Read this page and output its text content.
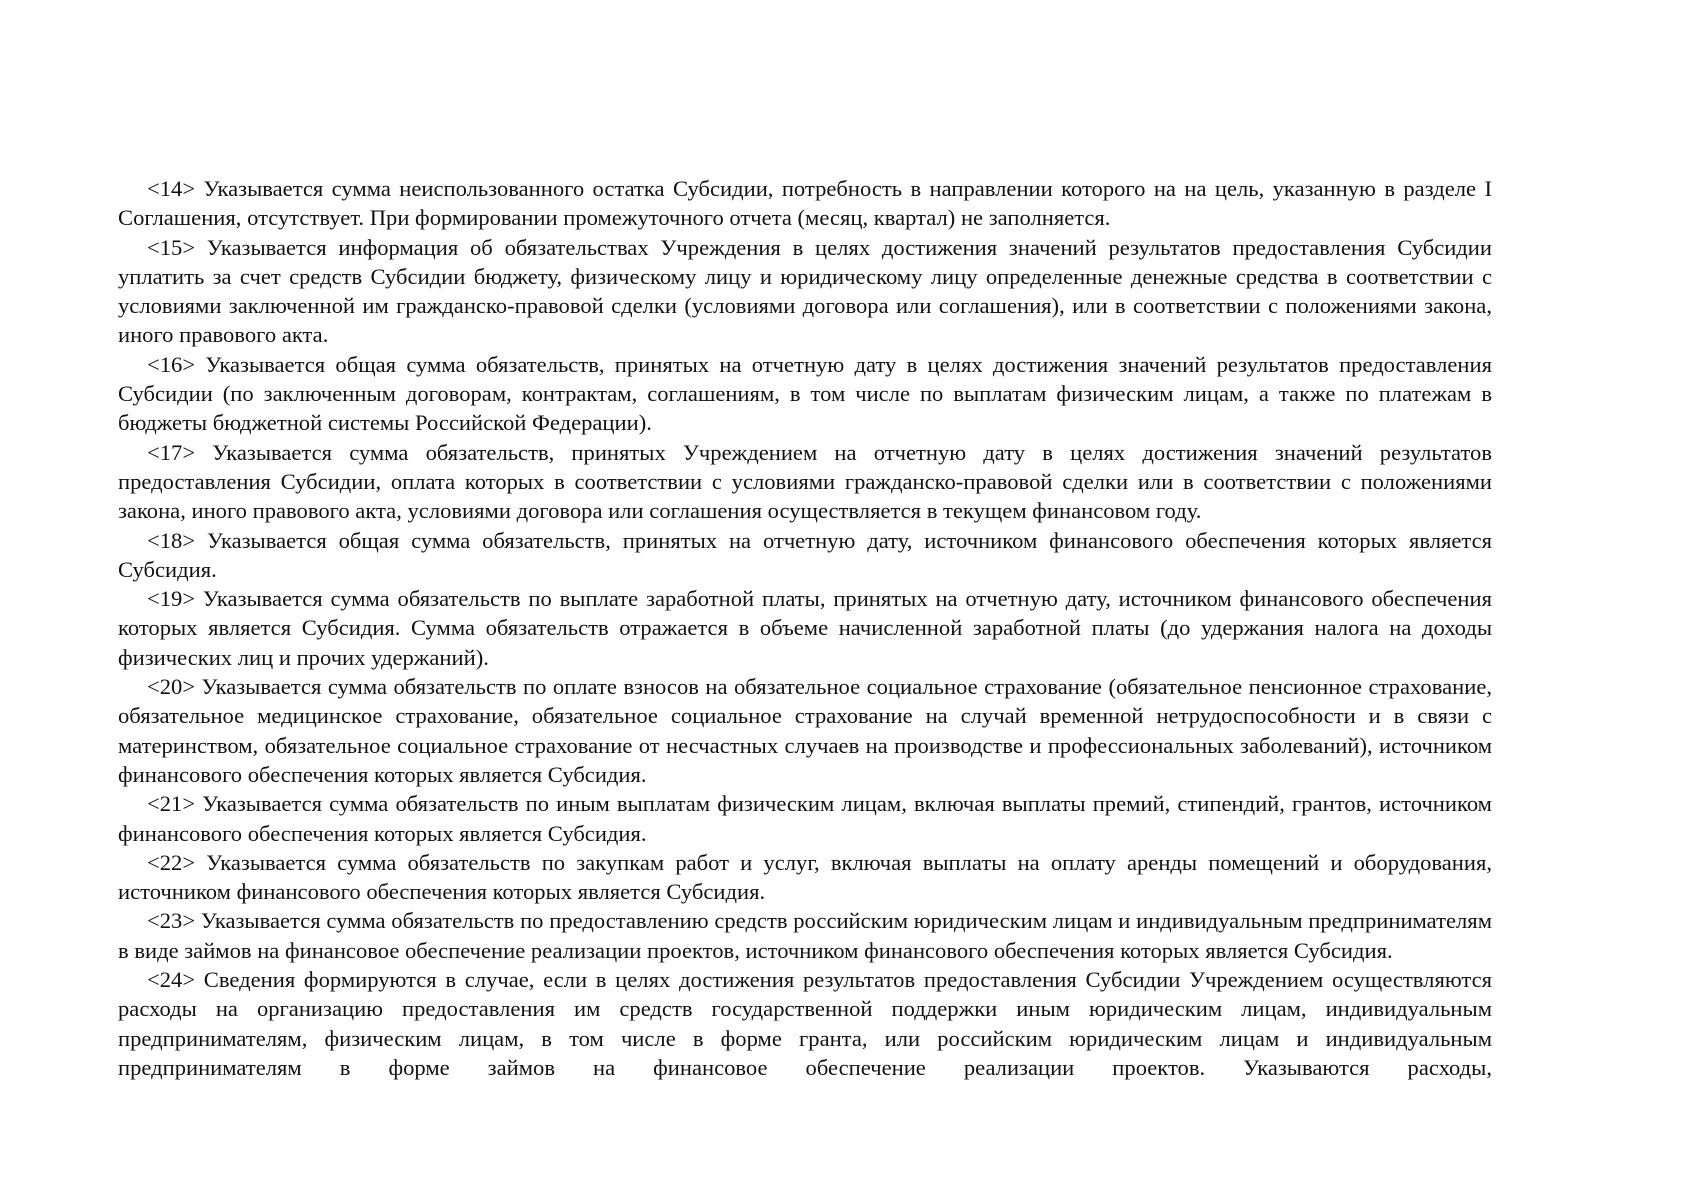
<14> Указывается сумма неиспользованного остатка Субсидии, потребность в направлении которого на на цель, указанную в разделе I Соглашения, отсутствует. При формировании промежуточного отчета (месяц, квартал) не заполняется.

<15> Указывается информация об обязательствах Учреждения в целях достижения значений результатов предоставления Субсидии уплатить за счет средств Субсидии бюджету, физическому лицу и юридическому лицу определенные денежные средства в соответствии с условиями заключенной им гражданско-правовой сделки (условиями договора или соглашения), или в соответствии с положениями закона, иного правового акта.

<16> Указывается общая сумма обязательств, принятых на отчетную дату в целях достижения значений результатов предоставления Субсидии (по заключенным договорам, контрактам, соглашениям, в том числе по выплатам физическим лицам, а также по платежам в бюджеты бюджетной системы Российской Федерации).

<17> Указывается сумма обязательств, принятых Учреждением на отчетную дату в целях достижения значений результатов предоставления Субсидии, оплата которых в соответствии с условиями гражданско-правовой сделки или в соответствии с положениями закона, иного правового акта, условиями договора или соглашения осуществляется в текущем финансовом году.

<18> Указывается общая сумма обязательств, принятых на отчетную дату, источником финансового обеспечения которых является Субсидия.

<19> Указывается сумма обязательств по выплате заработной платы, принятых на отчетную дату, источником финансового обеспечения которых является Субсидия. Сумма обязательств отражается в объеме начисленной заработной платы (до удержания налога на доходы физических лиц и прочих удержаний).

<20> Указывается сумма обязательств по оплате взносов на обязательное социальное страхование (обязательное пенсионное страхование, обязательное медицинское страхование, обязательное социальное страхование на случай временной нетрудоспособности и в связи с материнством, обязательное социальное страхование от несчастных случаев на производстве и профессиональных заболеваний), источником финансового обеспечения которых является Субсидия.

<21> Указывается сумма обязательств по иным выплатам физическим лицам, включая выплаты премий, стипендий, грантов, источником финансового обеспечения которых является Субсидия.

<22> Указывается сумма обязательств по закупкам работ и услуг, включая выплаты на оплату аренды помещений и оборудования, источником финансового обеспечения которых является Субсидия.

<23> Указывается сумма обязательств по предоставлению средств российским юридическим лицам и индивидуальным предпринимателям в виде займов на финансовое обеспечение реализации проектов, источником финансового обеспечения которых является Субсидия.

<24> Сведения формируются в случае, если в целях достижения результатов предоставления Субсидии Учреждением осуществляются расходы на организацию предоставления им средств государственной поддержки иным юридическим лицам, индивидуальным предпринимателям, физическим лицам, в том числе в форме гранта, или российским юридическим лицам и индивидуальным предпринимателям в форме займов на финансовое обеспечение реализации проектов. Указываются расходы,
